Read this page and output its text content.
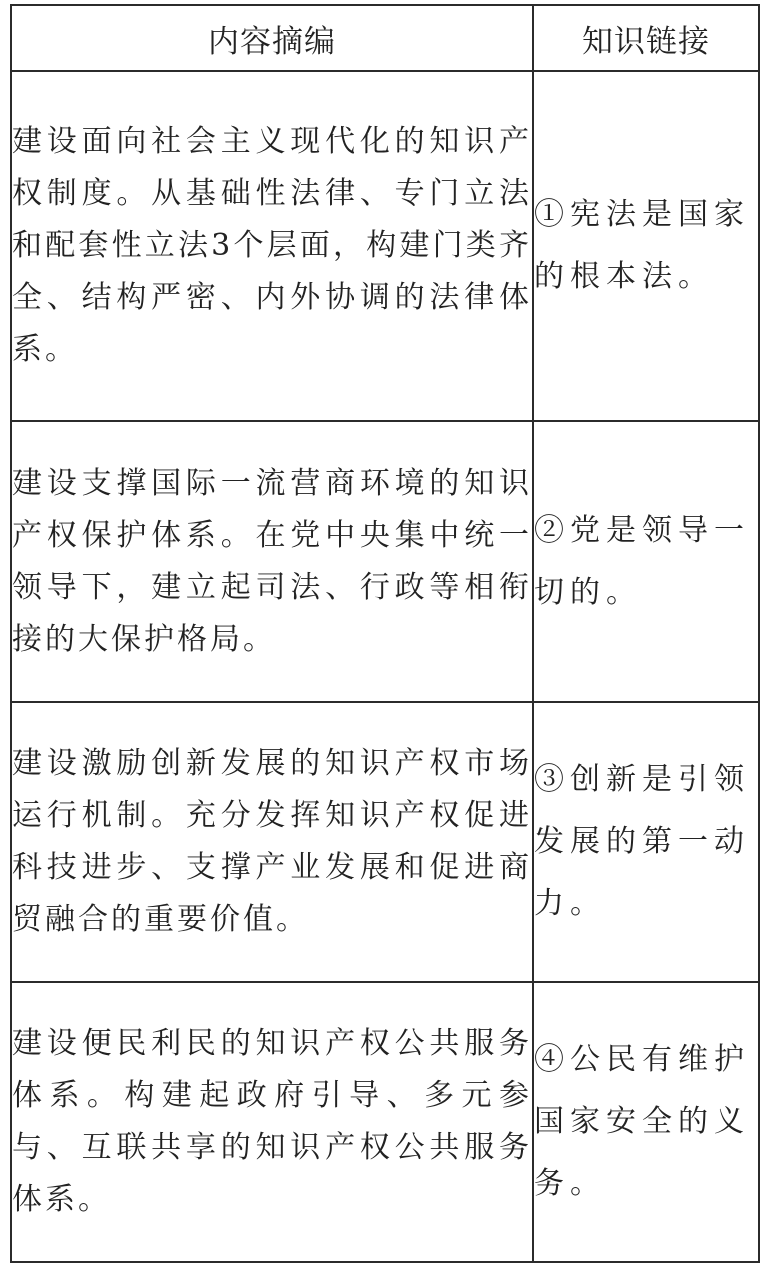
内容摘编	知识链接
建设面向社会主义现代化的知识产权制度。从基础性法律、专门立法和配套性立法3个层面，构建门类齐全、结构严密、内外协调的法律体系。	①宪法是国家的根本法。
建设支撑国际一流营商环境的知识产权保护体系。在党中央集中统一领导下，建立起司法、行政等相衔接的大保护格局。	②党是领导一切的。
建设激励创新发展的知识产权市场运行机制。充分发挥知识产权促进科技进步、支撑产业发展和促进商贸融合的重要价值。	③创新是引领发展的第一动力。
建设便民利民的知识产权公共服务体系。构建起政府引导、多元参与、互联共享的知识产权公共服务体系。	④公民有维护国家安全的义务。
